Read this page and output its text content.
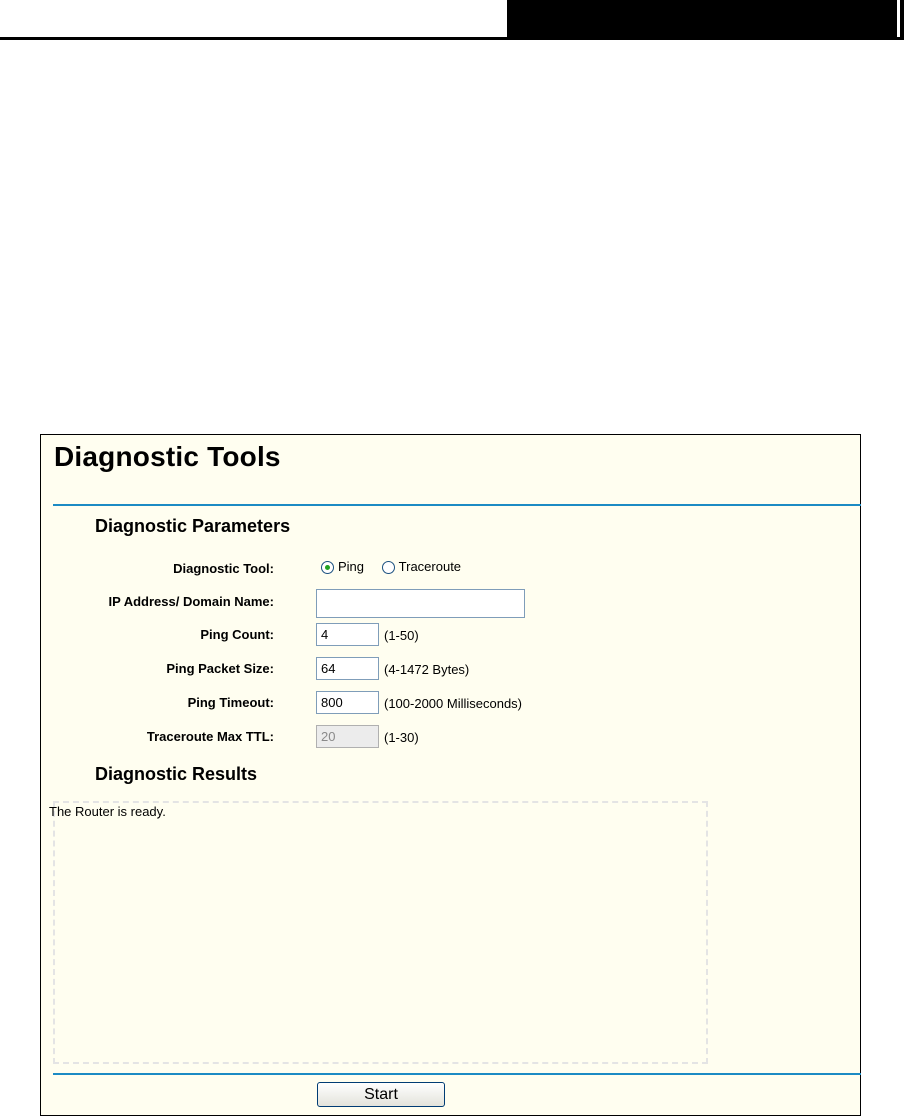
Diagnostic Tools
Diagnostic Parameters
Diagnostic Tool:	Ping	Traceroute
IP Address/ Domain Name:
Ping Count:
4	(1-50)
Ping Packet Size:
64	(4-1472 Bytes)
Ping Timeout:
800	(100-2000 Milliseconds)
Traceroute Max TTL:
20	(1-30)
Diagnostic Results
The Router is ready.
Start
